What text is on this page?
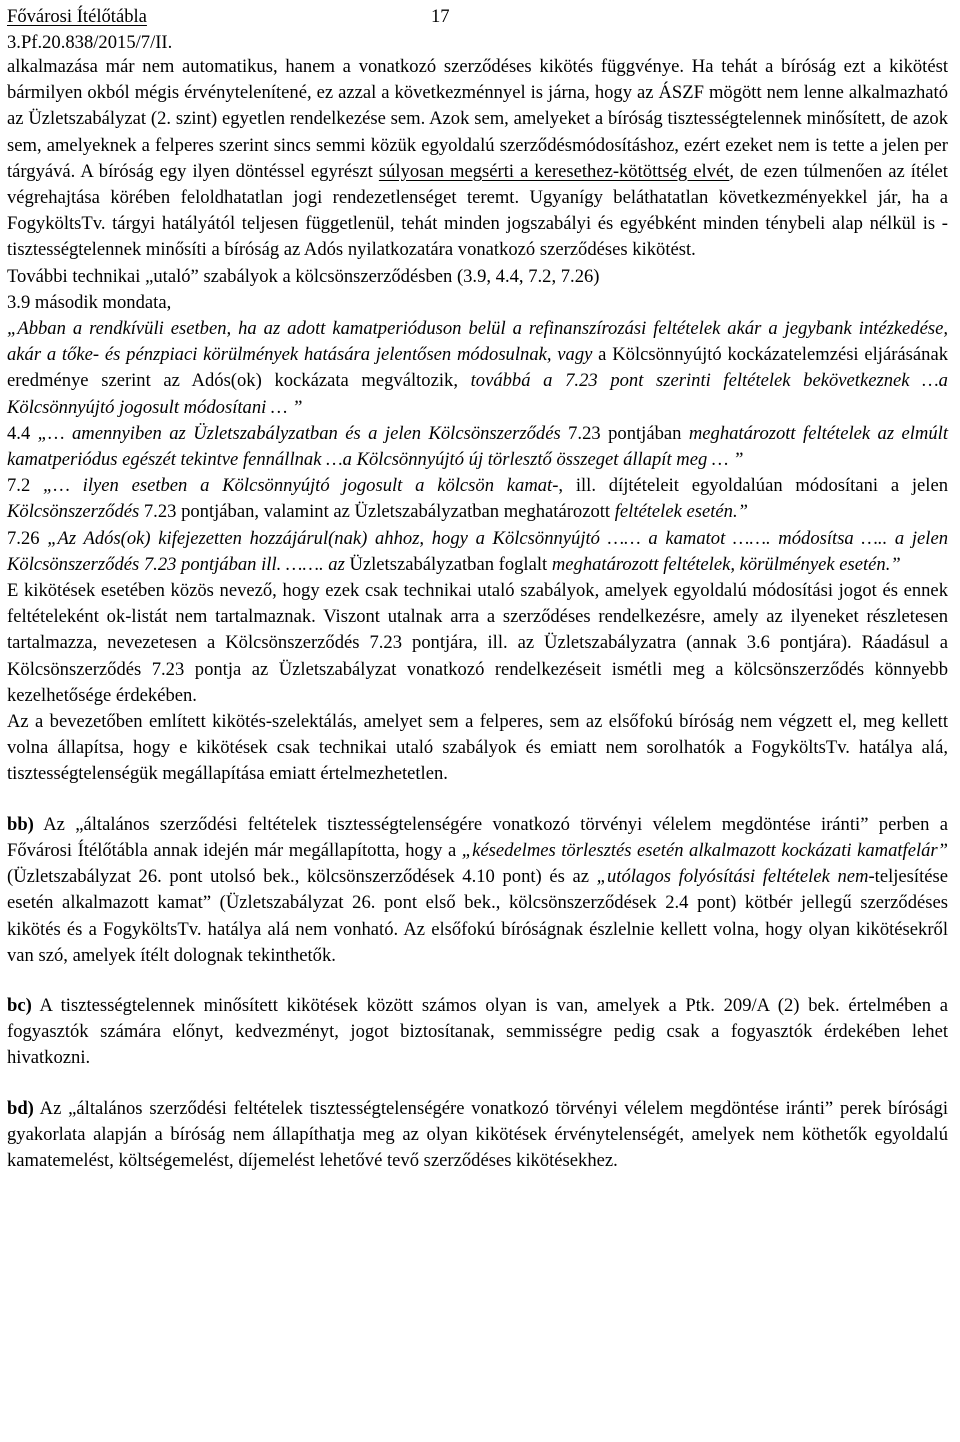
Fővárosi Ítélőtábla	17
3.Pf.20.838/2015/7/II.

alkalmazása már nem automatikus, hanem a vonatkozó szerződéses kikötés függvénye. Ha tehát a bíróság ezt a kikötést bármilyen okból mégis érvénytelenítené, ez azzal a következménnyel is járna, hogy az ÁSZF mögött nem lenne alkalmazható az Üzletszabályzat (2. szint) egyetlen rendelkezése sem. Azok sem, amelyeket a bíróság tisztességtelennek minősített, de azok sem, amelyeknek a felperes szerint sincs semmi közük egyoldalú szerződésmódosításhoz, ezért ezeket nem is tette a jelen per tárgyává. A bíróság egy ilyen döntéssel egyrészt súlyosan megsérti a keresethez-kötöttség elvét, de ezen túlmenően az ítélet végrehajtása körében feloldhatatlan jogi rendezetlenséget teremt. Ugyanígy beláthatatlan következményekkel jár, ha a FogyköltsTv. tárgyi hatályától teljesen függetlenül, tehát minden jogszabályi és egyébként minden ténybeli alap nélkül is - tisztességtelennek minősíti a bíróság az Adós nyilatkozatára vonatkozó szerződéses kikötést.

További technikai „utaló” szabályok a kölcsönszerződésben (3.9, 4.4, 7.2, 7.26)

3.9 második mondata,

„Abban a rendkívüli esetben, ha az adott kamatperióduson belül a refinanszírozási feltételek akár a jegybank intézkedése, akár a tőke- és pénzpiaci körülmények hatására jelentősen módosulnak, vagy a Kölcsönnyújtó kockázatelemzési eljárásának eredménye szerint az Adós(ok) kockázata megváltozik, továbbá a 7.23 pont szerinti feltételek bekövetkeznek …a Kölcsönnyújtó jogosult módosítani … ”

4.4 „… amennyiben az Üzletszabályzatban és a jelen Kölcsönszerződés 7.23 pontjában meghatározott feltételek az elmúlt kamatperiódus egészét tekintve fennállnak …a Kölcsönnyújtó új törlesztő összeget állapít meg … ”

7.2 „… ilyen esetben a Kölcsönnyújtó jogosult a kölcsön kamat-, ill. díjtételeit egyoldalúan módosítani a jelen Kölcsönszerződés 7.23 pontjában, valamint az Üzletszabályzatban meghatározott feltételek esetén.”

7.26 „Az Adós(ok) kifejezetten hozzájárul(nak) ahhoz, hogy a Kölcsönnyújtó …… a kamatot ……. módosítsa ….. a jelen Kölcsönszerződés 7.23 pontjában ill. ……. az Üzletszabályzatban foglalt meghatározott feltételek, körülmények esetén.”

E kikötések esetében közös nevező, hogy ezek csak technikai utaló szabályok, amelyek egyoldalú módosítási jogot és ennek feltételeként ok-listát nem tartalmaznak. Viszont utalnak arra a szerződéses rendelkezésre, amely az ilyeneket részletesen tartalmazza, nevezetesen a Kölcsönszerződés 7.23 pontjára, ill. az Üzletszabályzatra (annak 3.6 pontjára). Ráadásul a Kölcsönszerződés 7.23 pontja az Üzletszabályzat vonatkozó rendelkezéseit ismétli meg a kölcsönszerződés könnyebb kezelhetősége érdekében.

Az a bevezetőben említett kikötés-szelektálás, amelyet sem a felperes, sem az elsőfokú bíróság nem végzett el, meg kellett volna állapítsa, hogy e kikötések csak technikai utaló szabályok és emiatt nem sorolhatók a FogyköltsTv. hatálya alá, tisztességtelenségük megállapítása emiatt értelmezhetetlen.

bb) Az „általános szerződési feltételek tisztességtelenségére vonatkozó törvényi vélelem megdöntése iránti” perben a Fővárosi Ítélőtábla annak idején már megállapította, hogy a „késedelmes törlesztés esetén alkalmazott kockázati kamatfelár” (Üzletszabályzat 26. pont utolsó bek., kölcsönszerződések 4.10 pont) és az „utólagos folyósítási feltételek nem-teljesítése esetén alkalmazott kamat” (Üzletszabályzat 26. pont első bek., kölcsönszerződések 2.4 pont) kötbér jellegű szerződéses kikötés és a FogyköltsTv. hatálya alá nem vonható. Az elsőfokú bíróságnak észlelnie kellett volna, hogy olyan kikötésekről van szó, amelyek ítélt dolognak tekinthetők.

bc) A tisztességtelennek minősített kikötések között számos olyan is van, amelyek a Ptk. 209/A (2) bek. értelmében a fogyasztók számára előnyt, kedvezményt, jogot biztosítanak, semmisségre pedig csak a fogyasztók érdekében lehet hivatkozni.

bd) Az „általános szerződési feltételek tisztességtelenségére vonatkozó törvényi vélelem megdöntése iránti” perek bírósági gyakorlata alapján a bíróság nem állapíthatja meg az olyan kikötések érvénytelenségét, amelyek nem köthetők egyoldalú kamatemelést, költségemelést, díjemelést lehetővé tevő szerződéses kikötésekhez.
